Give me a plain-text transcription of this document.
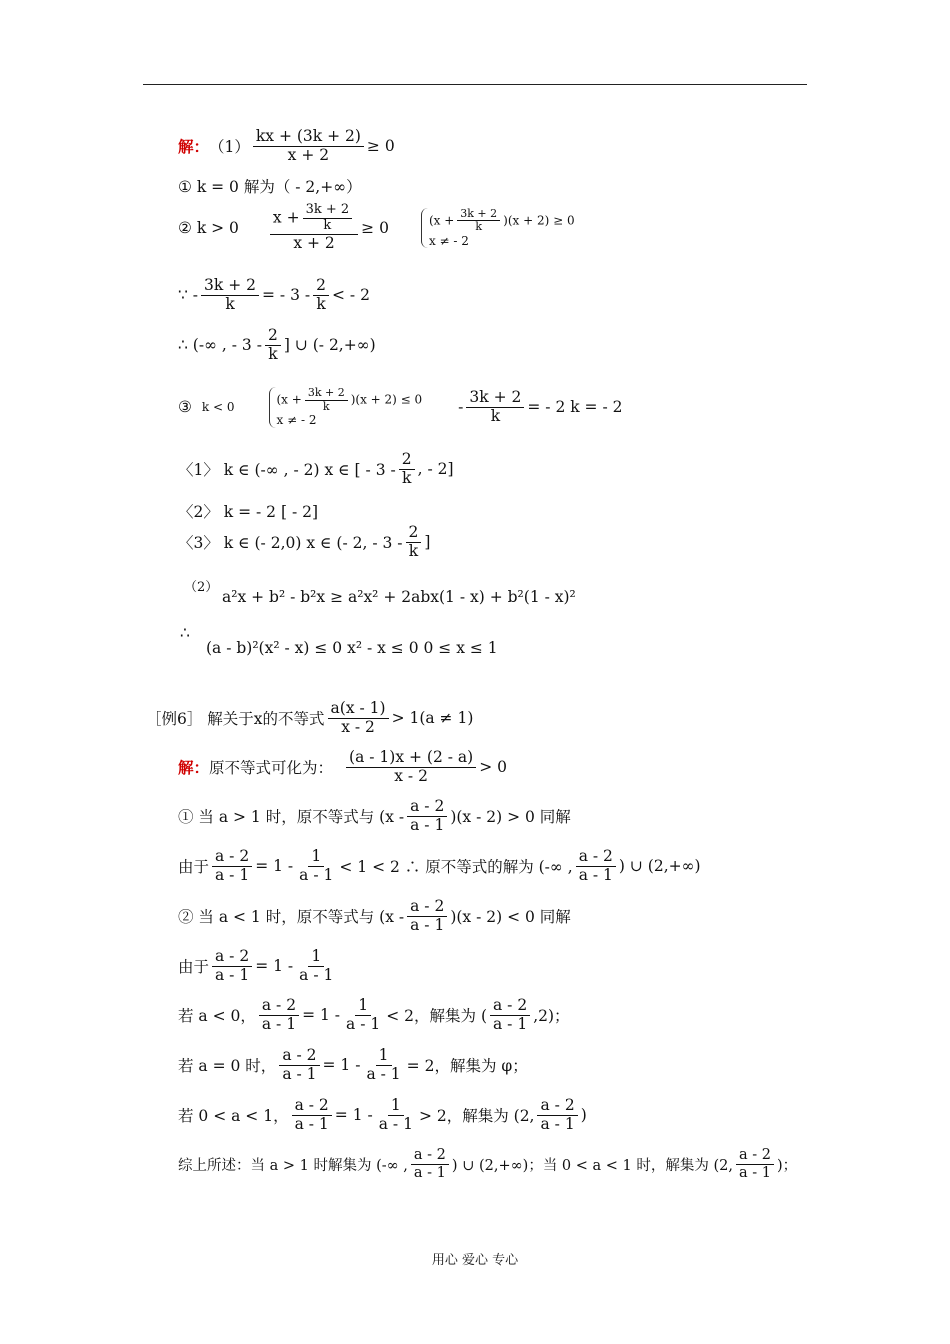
解： $(1) \frac{kx + (3k + 2)}{x + 2} \ge 0$
① k = 0 解为（ - 2,+∞）
② $k > 0 \frac{x + \frac{3k + 2}{k}}{x + 2} \ge 0$	$(x + \frac{3k + 2}{k} )(x + 2) \ge 0$
x ≠ - 2
∵ - $\frac{3k + 2}{k}$ = - $3 - \frac{2}{k}$ < - 2
∴ (-∞ , - $3 - \frac{2}{k}$ ] ∪ (- 2,+∞)
③ k < 0
$(x + \frac{3k + 2}{k} )(x + 2) \le 0$
x ≠ - 2
- $\frac{3k + 2}{k}$ = - 2 k = - 2
〈1〉 k ∈ (-∞ , - 2) x ∈ [ - $3 - \frac{2}{k}$ , - 2]
〈2〉 k = - 2 [ - 2]
〈3〉 k ∈ (- 2,0) x ∈ (- 2, - $3 - \frac{2}{k}$ ]
（2）
a²x + b² - b²x ≥ a²x² + 2abx(1 - x) + b²(1 - x)²
∴
(a - b)²(x² - x) ≤ 0 x² - x ≤ 0 0 ≤ x ≤ 1
［例6］ 解关于x的不等式 $\frac{a(x - 1)}{x - 2} > 1(a \ne 1)$
解： 原不等式可化为： $\frac{(a - 1)x + (2 - a)}{x - 2} > 0$
① 当 a > 1 时，原不等式与 $(x - \frac{a - 2}{a - 1} )(x - 2) > 0$ 同解
由于 $\frac{a - 2}{a - 1} = 1 - \frac{1}{a - 1} < 1 < 2$ ∴ 原不等式的解为 (-∞ , $\frac{a - 2}{a - 1}$ ) ∪ (2,+∞)
② 当 a < 1 时，原不等式与 $(x - \frac{a - 2}{a - 1} )(x - 2) < 0$ 同解
由于 $\frac{a - 2}{a - 1} = 1 - \frac{1}{a - 1}$
若 a < 0， $\frac{a - 2}{a - 1} = 1 - \frac{1}{a - 1} < 2$，解集为 ( $\frac{a - 2}{a - 1} ,2$)；
若 a = 0 时， $\frac{a - 2}{a - 1} = 1 - \frac{1}{a - 1} = 2$，解集为 φ；
若 0 < a < 1， $\frac{a - 2}{a - 1} = 1 - \frac{1}{a - 1} > 2$，解集为 (2, $\frac{a - 2}{a - 1}$ )
综上所述：当 a > 1 时解集为 (-∞ , $\frac{a - 2}{a - 1}$ ) ∪ (2,+∞)；当 0 < a < 1 时，解集为 (2, $\frac{a - 2}{a - 1}$ )；
用心 爱心 专心
